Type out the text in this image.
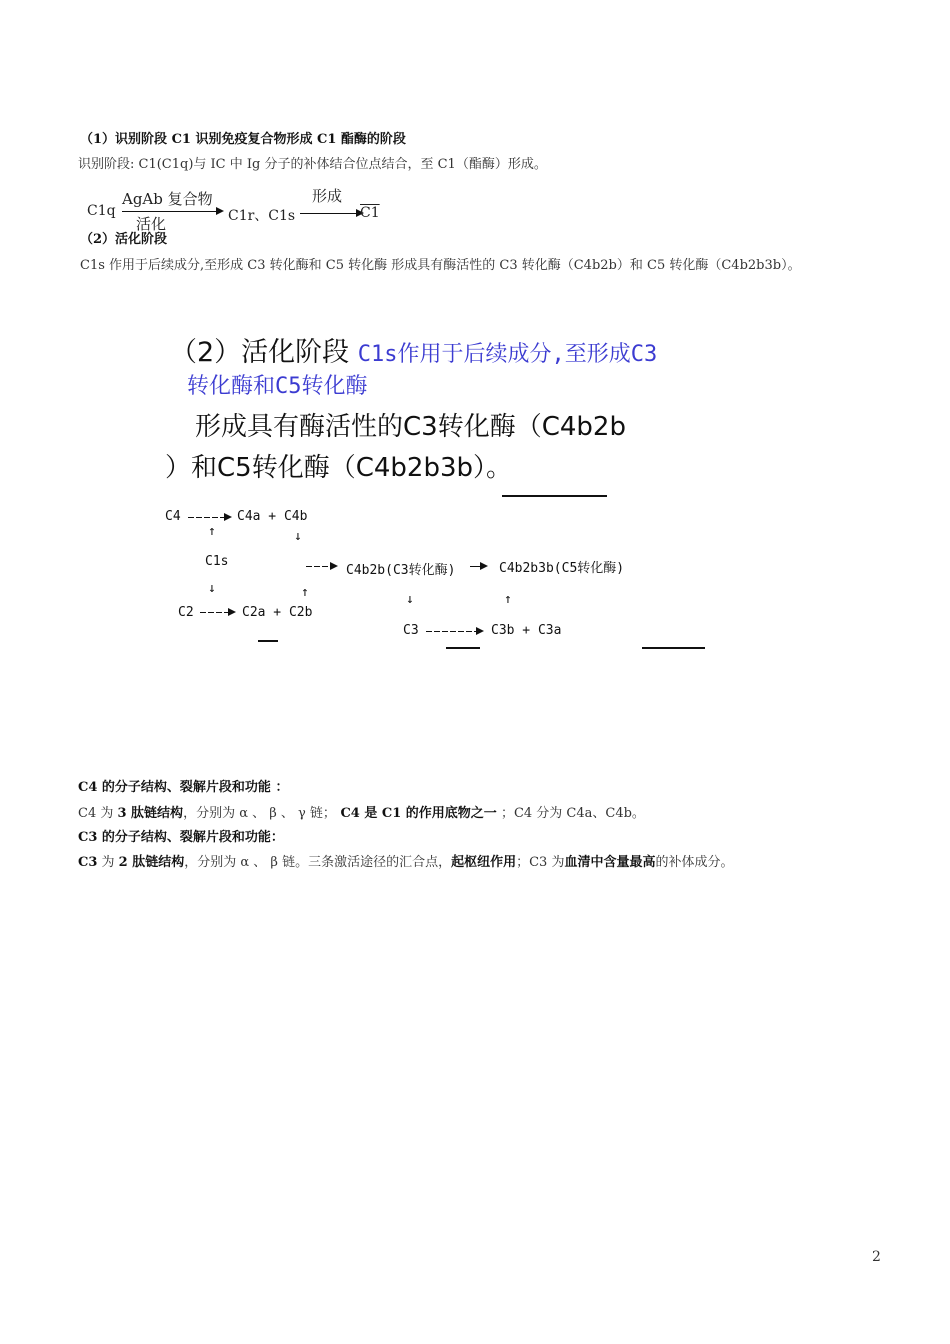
（1）识别阶段 C1 识别免疫复合物形成 C1 酯酶的阶段
识别阶段: C1(C1q)与 IC 中 Ig 分子的补体结合位点结合，至 C1（酯酶）形成。
C1q
AgAb 复合物
活化	C1r、C1s
形成
C1
（2）活化阶段
C1s 作用于后续成分,至形成 C3 转化酶和 C5 转化酶 形成具有酶活性的 C3 转化酶（C4b2b）和 C5 转化酶（C4b2b3b）。
（2）活化阶段 C1s作用于后续成分,至形成C3
转化酶和C5转化酶
形成具有酶活性的C3转化酶（C4b2b
）和C5转化酶（C4b2b3b）。
C4	C4a + C4b
↑	↓
C1s
C4b2b(C3转化酶)	C4b2b3b(C5转化酶)
↓	↑	↓	↑
C2	C2a + C2b
C3	C3b + C3a
C4 的分子结构、裂解片段和功能 ：
C4 为 3 肽链结构，分别为 α 、 β 、 γ 链； C4 是 C1 的作用底物之一 ；C4 分为 C4a、C4b。
C3 的分子结构、裂解片段和功能：
C3 为 2 肽链结构，分别为 α 、 β 链。三条激活途径的汇合点，起枢纽作用；C3 为血清中含量最高的补体成分。
2
